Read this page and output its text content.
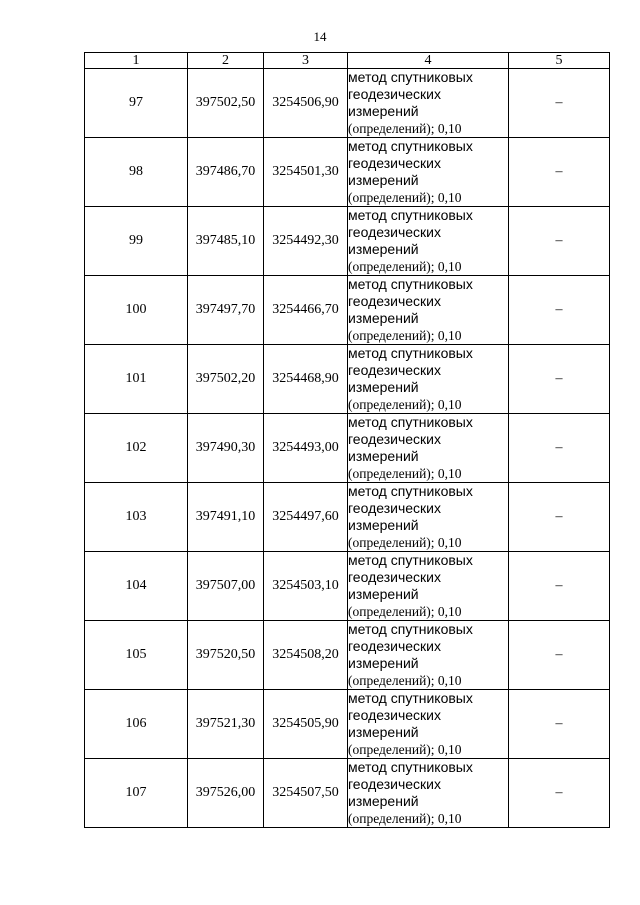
14
1	2	3	4	5
97	397502,50	3254506,90	метод спутниковых
геодезических
измерений
(определений); 0,10	–
98	397486,70	3254501,30	метод спутниковых
геодезических
измерений
(определений); 0,10	–
99	397485,10	3254492,30	метод спутниковых
геодезических
измерений
(определений); 0,10	–
100	397497,70	3254466,70	метод спутниковых
геодезических
измерений
(определений); 0,10	–
101	397502,20	3254468,90	метод спутниковых
геодезических
измерений
(определений); 0,10	–
102	397490,30	3254493,00	метод спутниковых
геодезических
измерений
(определений); 0,10	–
103	397491,10	3254497,60	метод спутниковых
геодезических
измерений
(определений); 0,10	–
104	397507,00	3254503,10	метод спутниковых
геодезических
измерений
(определений); 0,10	–
105	397520,50	3254508,20	метод спутниковых
геодезических
измерений
(определений); 0,10	–
106	397521,30	3254505,90	метод спутниковых
геодезических
измерений
(определений); 0,10	–
107	397526,00	3254507,50	метод спутниковых
геодезических
измерений
(определений); 0,10	–
